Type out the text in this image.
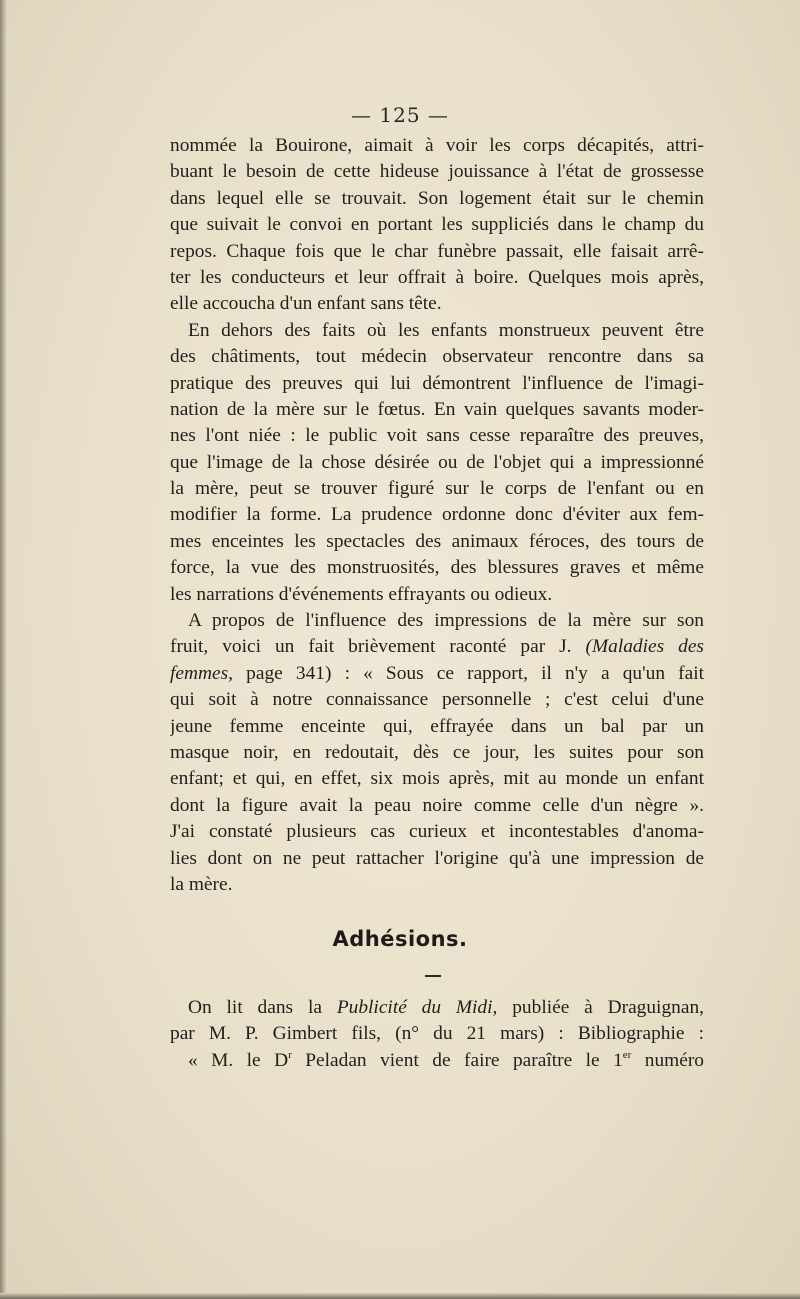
— 125 —
nommée la Bouirone, aimait à voir les corps décapités, attri-
buant le besoin de cette hideuse jouissance à l'état de grossesse
dans lequel elle se trouvait. Son logement était sur le chemin
que suivait le convoi en portant les suppliciés dans le champ du
repos. Chaque fois que le char funèbre passait, elle faisait arrê-
ter les conducteurs et leur offrait à boire. Quelques mois après,
elle accoucha d'un enfant sans tête.
En dehors des faits où les enfants monstrueux peuvent être
des châtiments, tout médecin observateur rencontre dans sa
pratique des preuves qui lui démontrent l'influence de l'imagi-
nation de la mère sur le fœtus. En vain quelques savants moder-
nes l'ont niée : le public voit sans cesse reparaître des preuves,
que l'image de la chose désirée ou de l'objet qui a impressionné
la mère, peut se trouver figuré sur le corps de l'enfant ou en
modifier la forme. La prudence ordonne donc d'éviter aux fem-
mes enceintes les spectacles des animaux féroces, des tours de
force, la vue des monstruosités, des blessures graves et même
les narrations d'événements effrayants ou odieux.
A propos de l'influence des impressions de la mère sur son
fruit, voici un fait brièvement raconté par J. (Maladies des
femmes, page 341) : « Sous ce rapport, il n'y a qu'un fait
qui soit à notre connaissance personnelle ; c'est celui d'une
jeune femme enceinte qui, effrayée dans un bal par un
masque noir, en redoutait, dès ce jour, les suites pour son
enfant; et qui, en effet, six mois après, mit au monde un enfant
dont la figure avait la peau noire comme celle d'un nègre ».
J'ai constaté plusieurs cas curieux et incontestables d'anoma-
lies dont on ne peut rattacher l'origine qu'à une impression de
la mère.
Adhésions.
On lit dans la Publicité du Midi, publiée à Draguignan,
par M. P. Gimbert fils, (n° du 21 mars) : Bibliographie :
« M. le $D^r$ Peladan vient de faire paraître le 1er numéro
